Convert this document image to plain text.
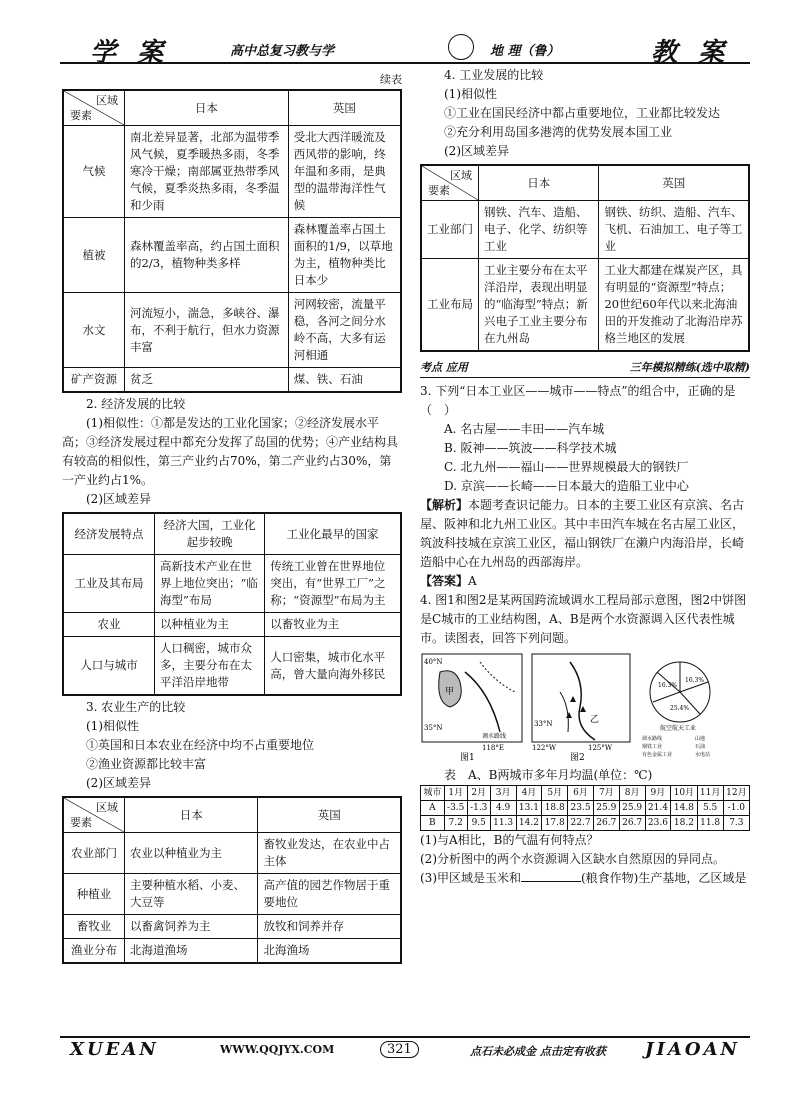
学 案	高中总复习教与学	地 理（鲁）	教 案
续表
区域
要素	日本	英国
气候	南北差异显著，北部为温带季风气候，夏季暖热多雨，冬季寒冷干燥；南部属亚热带季风气候，夏季炎热多雨，冬季温和少雨	受北大西洋暖流及西风带的影响，终年温和多雨，是典型的温带海洋性气候
植被	森林覆盖率高，约占国土面积的2/3，植物种类多样	森林覆盖率占国土面积的1/9，以草地为主，植物种类比日本少
水文	河流短小，湍急，多峡谷、瀑布，不利于航行，但水力资源丰富	河网较密，流量平稳，各河之间分水岭不高，大多有运河相通
矿产资源	贫乏	煤、铁、石油

2. 经济发展的比较

(1)相似性：①都是发达的工业化国家；②经济发展水平高；③经济发展过程中都充分发挥了岛国的优势；④产业结构具有较高的相似性，第三产业约占70%，第二产业约占30%，第一产业约占1%。

(2)区域差异

经济发展特点	经济大国，工业化起步较晚	工业化最早的国家
工业及其布局	高新技术产业在世界上地位突出；“临海型”布局	传统工业曾在世界地位突出，有“世界工厂”之称；“资源型”布局为主
农业	以种植业为主	以畜牧业为主
人口与城市	人口稠密，城市众多，主要分布在太平洋沿岸地带	人口密集，城市化水平高，曾大量向海外移民

3. 农业生产的比较

(1)相似性

①英国和日本农业在经济中均不占重要地位

②渔业资源都比较丰富

(2)区域差异

区域
要素	日本	英国
农业部门	农业以种植业为主	畜牧业发达，在农业中占主体
种植业	主要种植水稻、小麦、大豆等	高产值的园艺作物居于重要地位
畜牧业	以畜禽饲养为主	放牧和饲养并存
渔业分布	北海道渔场	北海渔场

4. 工业发展的比较

(1)相似性

①工业在国民经济中都占重要地位，工业都比较发达

②充分利用岛国多港湾的优势发展本国工业

(2)区域差异

区域
要素	日本	英国
工业部门	钢铁、汽车、造船、电子、化学、纺织等工业	钢铁、纺织、造船、汽车、飞机、石油加工、电子等工业
工业布局	工业主要分布在太平洋沿岸，表现出明显的“临海型”特点；新兴电子工业主要分布在九州岛	工业大都建在煤炭产区，具有明显的“资源型”特点；20世纪60年代以来北海油田的开发推动了北海沿岸苏格兰地区的发展
考点 应用	三年模拟精练(选中取精)

3. 下列“日本工业区——城市——特点”的组合中，正确的是（　）

A. 名古屋——丰田——汽车城

B. 阪神——筑波——科学技术城

C. 北九州——福山——世界规模最大的钢铁厂

D. 京滨——长崎——日本最大的造船工业中心

【解析】本题考查识记能力。日本的主要工业区有京滨、名古屋、阪神和北九州工业区。其中丰田汽车城在名古屋工业区，筑波科技城在京滨工业区，福山钢铁厂在濑户内海沿岸，长崎造船中心在九州岛的西部海岸。

【答案】A

4. 图1和图2是某两国跨流域调水工程局部示意图，图2中饼图是C城市的工业结构图，A、B是两个水资源调入区代表性城市。读图表，回答下列问题。

40°N
35°N
118°E
甲
调水路线
图1
33°N
122°W	125°W
乙
图2
16.3%
16.3%
25.4%
航空航天工业
调水路线	山地
钢铁工业	石油
有色金属工业	水电站

表　A、B两城市多年月均温(单位：℃)

城市	1月	2月	3月	4月	5月	6月	7月	8月	9月	10月	11月	12月
A	-3.5	-1.3	4.9	13.1	18.8	23.5	25.9	25.9	21.4	14.8	5.5	-1.0
B	7.2	9.5	11.3	14.2	17.8	22.7	26.7	26.7	23.6	18.2	11.8	7.3

(1)与A相比，B的气温有何特点？

(2)分析图中的两个水资源调入区缺水自然原因的异同点。

(3)甲区域是玉米和	(粮食作物)生产基地，乙区域是

XUEAN	WWW.QQJYX.COM	321	点石未必成金 点击定有收获 JIAOAN
